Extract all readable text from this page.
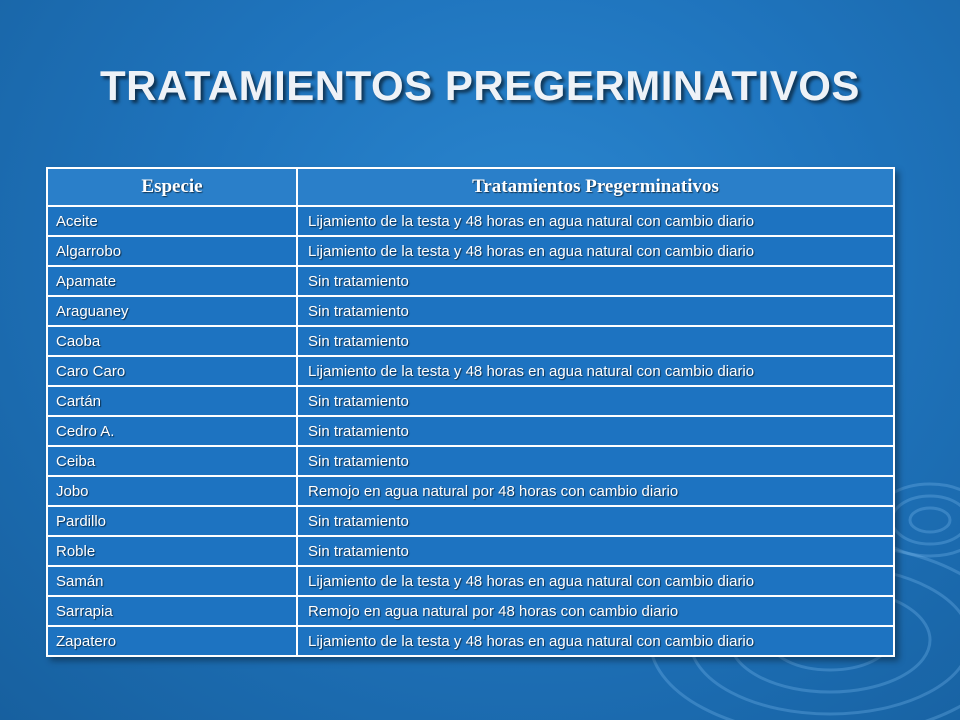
TRATAMIENTOS PREGERMINATIVOS
Especie	Tratamientos Pregerminativos
Aceite	Lijamiento de la testa y 48 horas en agua natural con cambio diario
Algarrobo	Lijamiento de la testa y 48 horas en agua natural con cambio diario
Apamate	Sin tratamiento
Araguaney	Sin tratamiento
Caoba	Sin tratamiento
Caro Caro	Lijamiento de la testa y 48 horas en agua natural con cambio diario
Cartán	Sin tratamiento
Cedro A.	Sin tratamiento
Ceiba	Sin tratamiento
Jobo	Remojo en agua natural por 48 horas con cambio diario
Pardillo	Sin tratamiento
Roble	Sin tratamiento
Samán	Lijamiento de la testa y 48 horas en agua natural con cambio diario
Sarrapia	Remojo en agua natural por 48 horas con cambio diario
Zapatero	Lijamiento de la testa y 48 horas en agua natural con cambio diario
